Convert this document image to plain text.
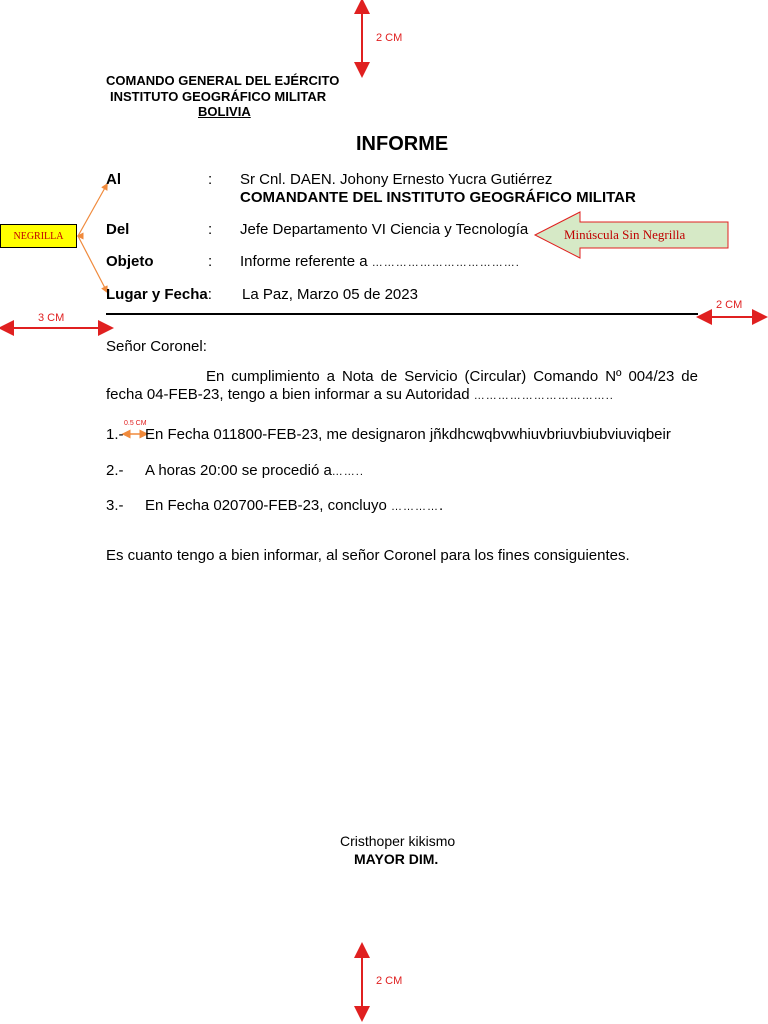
2 CM
3 CM
2 CM
2 CM
0.5 CM
NEGRILLA	Minúscula Sin Negrilla
COMANDO GENERAL DEL EJÉRCITO
INSTITUTO GEOGRÁFICO MILITAR
BOLIVIA
INFORME
Al	: Sr Cnl. DAEN. Johony Ernesto Yucra Gutiérrez
COMANDANTE DEL INSTITUTO GEOGRÁFICO MILITAR
Del	: Jefe Departamento VI Ciencia y Tecnología
Objeto	: Informe referente a ……………………………….
Lugar y Fecha: La Paz, Marzo 05 de 2023
Señor Coronel:
En cumplimiento a Nota de Servicio (Circular) Comando Nº 004/23 de fecha 04-FEB-23, tengo a bien informar a su Autoridad ……………………………..
1.- En Fecha 011800-FEB-23, me designaron jñkdhcwqbvwhiuvbriuvbiubviuviqbeir
2.- A horas 20:00 se procedió a……..
3.- En Fecha 020700-FEB-23, concluyo ………….
Es cuanto tengo a bien informar, al señor Coronel para los fines consiguientes.
Cristhoper kikismo
MAYOR DIM.
